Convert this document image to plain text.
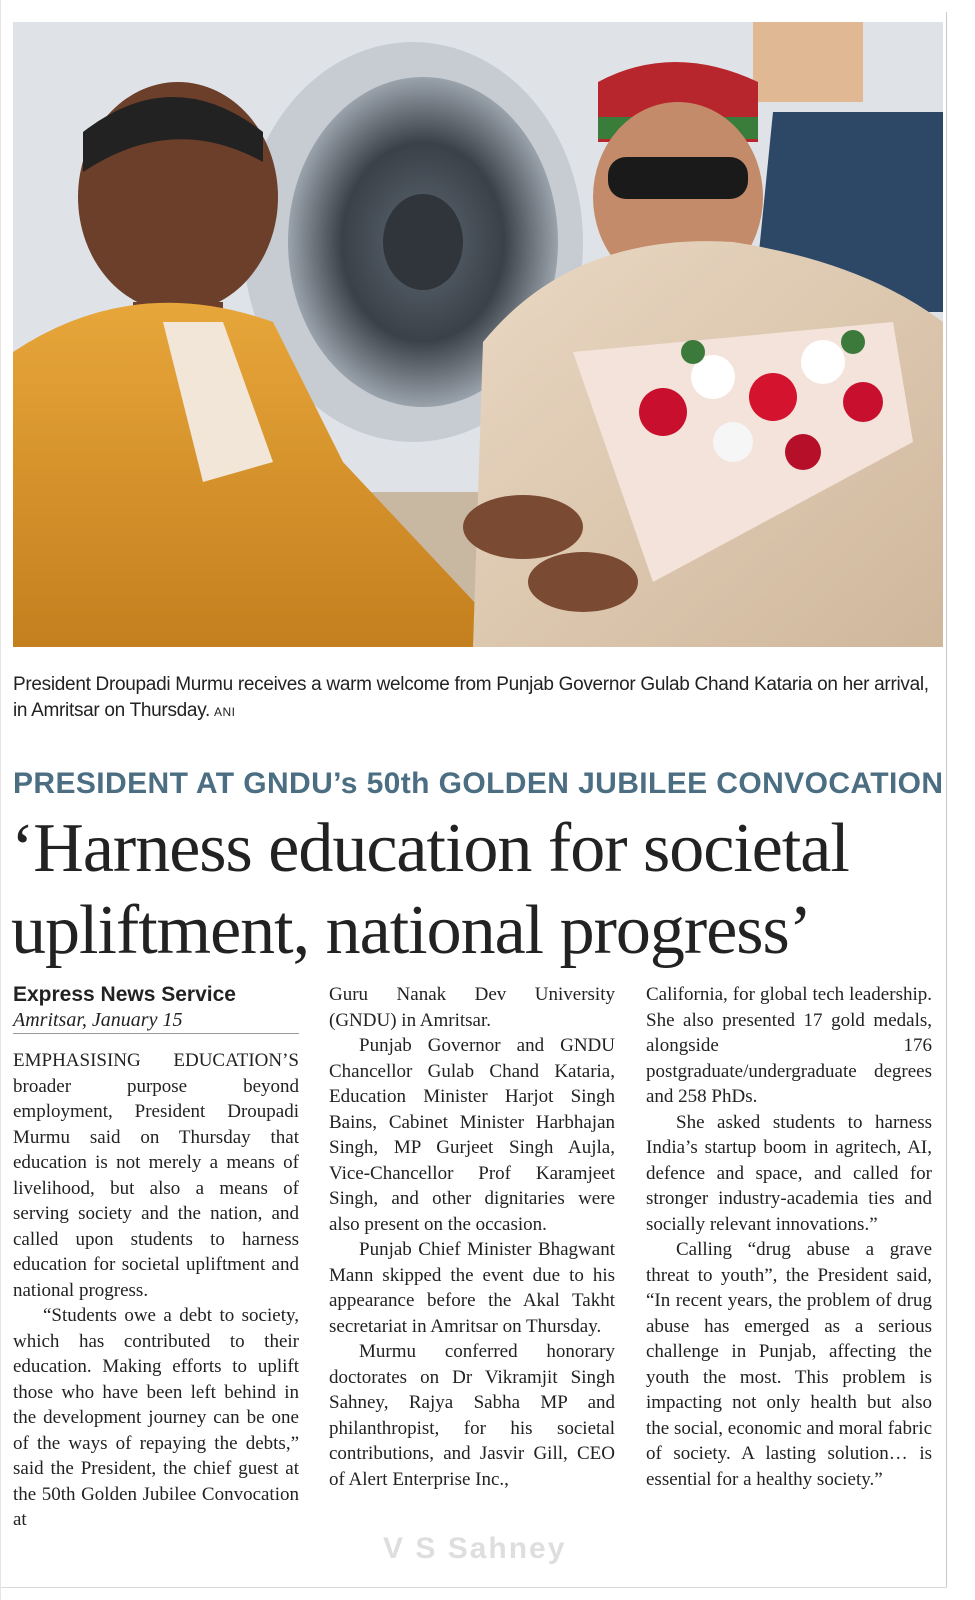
President Droupadi Murmu receives a warm welcome from Punjab Governor Gulab Chand Kataria on her arrival, in Amritsar on Thursday. ANI
PRESIDENT AT GNDU’s 50th GOLDEN JUBILEE CONVOCATION
‘Harness education for societal
upliftment, national progress’

Express News Service

Amritsar, January 15

EMPHASISING EDUCATION’S broader purpose beyond employment, President Droupadi Murmu said on Thursday that education is not merely a means of livelihood, but also a means of serving society and the nation, and called upon students to harness education for societal upliftment and national progress.

“Students owe a debt to society, which has contributed to their education. Making efforts to uplift those who have been left behind in the development journey can be one of the ways of repaying the debts,” said the President, the chief guest at the 50th Golden Jubilee Convocation at

Guru Nanak Dev University (GNDU) in Amritsar.

Punjab Governor and GNDU Chancellor Gulab Chand Kataria, Education Minister Harjot Singh Bains, Cabinet Minister Harbhajan Singh, MP Gurjeet Singh Aujla, Vice-Chancellor Prof Karamjeet Singh, and other dignitaries were also present on the occasion.

Punjab Chief Minister Bhagwant Mann skipped the event due to his appearance before the Akal Takht secretariat in Amritsar on Thursday.

Murmu conferred honorary doctorates on Dr Vikramjit Singh Sahney, Rajya Sabha MP and philanthropist, for his societal contributions, and Jasvir Gill, CEO of Alert Enterprise Inc.,

California, for global tech leadership. She also presented 17 gold medals, alongside 176 postgraduate/undergraduate degrees and 258 PhDs.

She asked students to harness India’s startup boom in agritech, AI, defence and space, and called for stronger industry-academia ties and socially relevant innovations.”

Calling “drug abuse a grave threat to youth”, the President said, “In recent years, the problem of drug abuse has emerged as a serious challenge in Punjab, affecting the youth the most. This problem is impacting not only health but also the social, economic and moral fabric of society. A lasting solution… is essential for a healthy society.”

V S Sahney
